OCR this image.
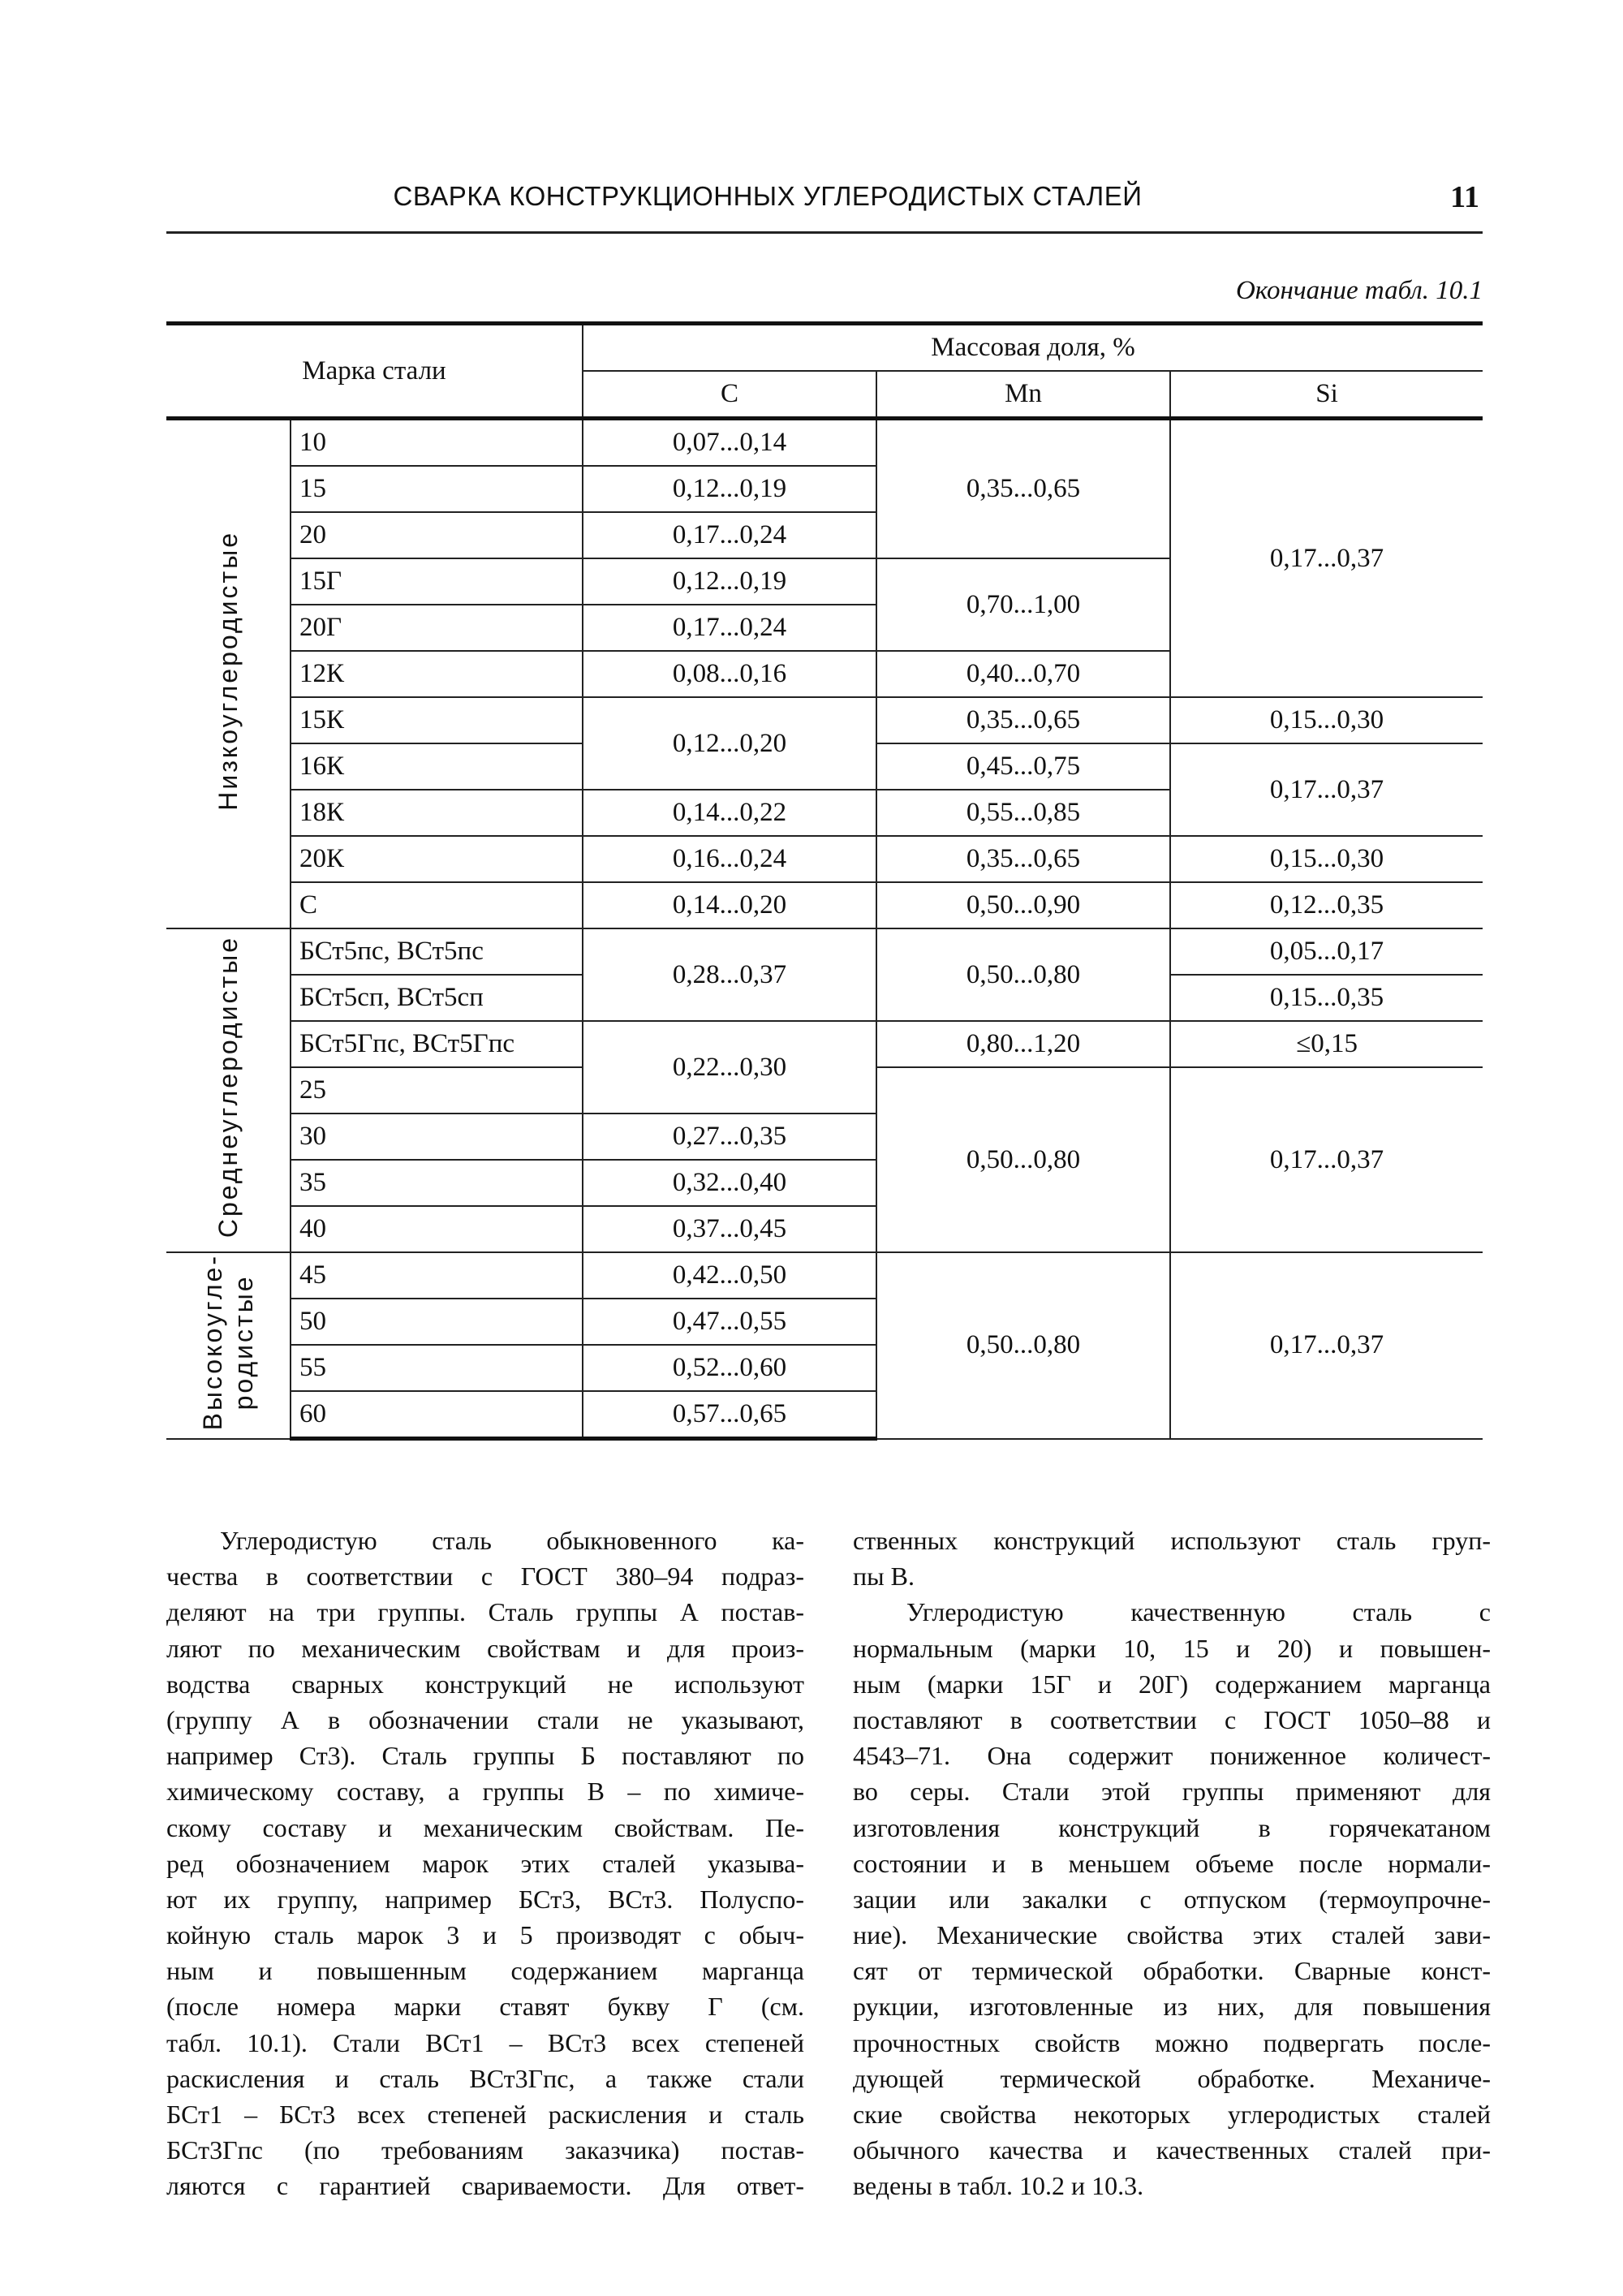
СВАРКА КОНСТРУКЦИОННЫХ УГЛЕРОДИСТЫХ СТАЛЕЙ	11
Окончание табл. 10.1
Марка стали		Массовая доля, %		
		C	Mn	Si
Низкоуглеродистые	10	0,07...0,14	0,35...0,65	0,17...0,37
	15	0,12...0,19		
	20	0,17...0,24		
	15Г	0,12...0,19	0,70...1,00	
	20Г	0,17...0,24		
	12К	0,08...0,16	0,40...0,70	
	15К	0,12...0,20	0,35...0,65	0,15...0,30
	16К		0,45...0,75	0,17...0,37
	18К	0,14...0,22	0,55...0,85	
	20К	0,16...0,24	0,35...0,65	0,15...0,30
	С	0,14...0,20	0,50...0,90	0,12...0,35
Среднеуглеродистые	БСт5пс, ВСт5пс	0,28...0,37	0,50...0,80	0,05...0,17
	БСт5сп, ВСт5сп			0,15...0,35
	БСт5Гпс, ВСт5Гпс	0,22...0,30	0,80...1,20	≤0,15
	25		0,50...0,80	0,17...0,37
	30	0,27...0,35		
	35	0,32...0,40		
	40	0,37...0,45		
Высокоугле-
родистые	45	0,42...0,50	0,50...0,80	0,17...0,37
	50	0,47...0,55		
	55	0,52...0,60		
	60	0,57...0,65		
Углеродистую сталь обыкновенного ка-
чества в соответствии с ГОСТ 380–94 подраз-
деляют на три группы. Сталь группы А постав-
ляют по механическим свойствам и для произ-
водства сварных конструкций не используют
(группу А в обозначении стали не указывают,
например Ст3). Сталь группы Б поставляют по
химическому составу, а группы В – по химиче-
скому составу и механическим свойствам. Пе-
ред обозначением марок этих сталей указыва-
ют их группу, например БСт3, ВСт3. Полуспо-
койную сталь марок 3 и 5 производят с обыч-
ным и повышенным содержанием марганца
(после номера марки ставят букву Г (см.
табл. 10.1). Стали ВСт1 – ВСт3 всех степеней
раскисления и сталь ВСт3Гпс, а также стали
БСт1 – БСт3 всех степеней раскисления и сталь
БСт3Гпс (по требованиям заказчика) постав-
ляются с гарантией свариваемости. Для ответ-
ственных конструкций используют сталь груп-
пы В.
Углеродистую качественную сталь с
нормальным (марки 10, 15 и 20) и повышен-
ным (марки 15Г и 20Г) содержанием марганца
поставляют в соответствии с ГОСТ 1050–88 и
4543–71. Она содержит пониженное количест-
во серы. Стали этой группы применяют для
изготовления конструкций в горячекатаном
состоянии и в меньшем объеме после нормали-
зации или закалки с отпуском (термоупрочне-
ние). Механические свойства этих сталей зави-
сят от термической обработки. Сварные конст-
рукции, изготовленные из них, для повышения
прочностных свойств можно подвергать после-
дующей термической обработке. Механиче-
ские свойства некоторых углеродистых сталей
обычного качества и качественных сталей при-
ведены в табл. 10.2 и 10.3.
